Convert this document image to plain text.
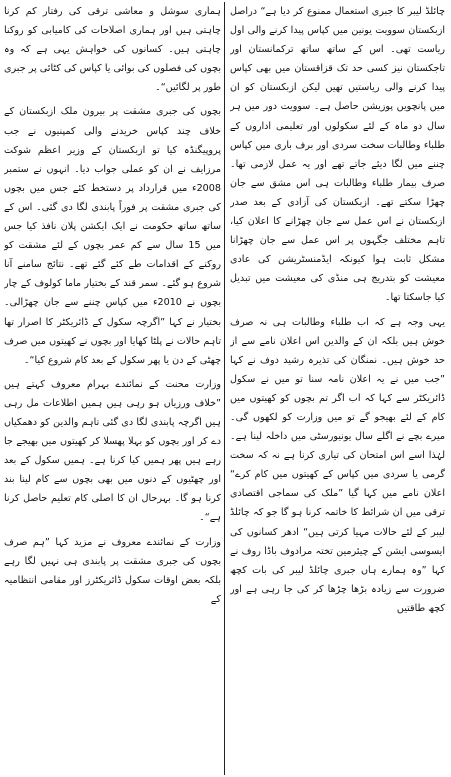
چائلڈ لیبر کا جبری استعمال ممنوع کر دیا ہے“ دراصل ازبکستان سوویت یونین میں کپاس پیدا کرنے والی اول ریاست تھی۔ اس کے ساتھ ساتھ ترکمانستان اور تاجکستان نیز کسی حد تک قزاقستان میں بھی کپاس پیدا کرنے والی ریاستیں تھیں لیکن ازبکستان کو ان میں پانچویں پوزیشن حاصل ہے۔ سوویت دور میں ہر سال دو ماہ کے لئے سکولوں اور تعلیمی اداروں کے طلباء وطالبات سخت سردی اور برف باری میں کپاس چننے میں لگا دیئے جاتے تھے اور یہ عمل لازمی تھا۔ صرف بیمار طلباء وطالبات ہی اس مشق سے جان چھڑا سکتے تھے۔ ازبکستان کی آزادی کے بعد صدر ازبکستان نے اس عمل سے جان چھڑانے کا اعلان کیا، تاہم مختلف جگہوں پر اس عمل سے جان چھڑانا مشکل ثابت ہوا کیونکہ ایڈمنسٹریشن کی عادی معیشت کو بتدریج ہی منڈی کی معیشت میں تبدیل کیا جاسکتا تھا۔

یہی وجہ ہے کہ اب طلباء وطالبات ہی نہ صرف خوش ہیں بلکہ ان کے والدین اس اعلان نامے سے از حد خوش ہیں۔ نمنگان کی تذیرہ رشید دوف نے کہا ”جب میں نے یہ اعلان نامہ سنا تو میں نے سکول ڈائریکٹر سے کہا کہ اب اگر تم بچوں کو کھیتوں میں کام کے لئے بھیجو گے تو میں وزارت کو لکھوں گی۔ میرے بچے نے اگلے سال یونیورسٹی میں داخلہ لینا ہے۔ لہٰذا اسے اس امتحان کی تیاری کرنا ہے نہ کہ سخت گرمی یا سردی میں کپاس کے کھیتوں میں کام کرے“ اعلان نامے میں کہا گیا ”ملک کی سماجی اقتصادی ترقی میں ان شرائط کا خاتمہ کرنا ہو گا جو کہ چائلڈ لیبر کے لئے حالات مہیا کرتی ہیں“ ادھر کسانوں کی ایسوسی ایشن کے چیئرمین تختہ مرادوف باڈا روف نے کہا ”وہ ہمارے ہاں جبری چائلڈ لیبر کی بات کچھ ضرورت سے زیادہ بڑھا چڑھا کر کی جا رہی ہے اور کچھ طاقتیں

ہماری سوشل و معاشی ترقی کی رفتار کم کرنا چاہتی ہیں اور ہماری اصلاحات کی کامیابی کو روکنا چاہتی ہیں۔ کسانوں کی خواہش یہی ہے کہ وہ بچوں کی فصلوں کی بوائی یا کپاس کی کٹائی پر جبری طور پر لگائیں“۔

بچوں کی جبری مشقت پر بیرون ملک ازبکستان کے خلاف چند کپاس خریدنے والی کمپنیوں نے جب پروپیگنڈہ کیا تو ازبکستان کے وزیر اعظم شوکت مرزایف نے ان کو عملی جواب دیا۔ انہوں نے ستمبر 2008ء میں قرارداد پر دستخط کئے جس میں بچوں کی جبری مشقت پر فوراً پابندی لگا دی گئی۔ اس کے ساتھ ساتھ حکومت نے ایک ایکشن پلان نافذ کیا جس میں 15 سال سے کم عمر بچوں کے لئے مشقت کو روکنے کے اقدامات طے کئے گئے تھے۔ نتائج سامنے آنا شروع ہو گئے۔ سمر قند کے بختیار ماما کولوف کے چار بچوں نے 2010ء میں کپاس چننے سے جان چھڑالی۔ بختیار نے کہا ”اگرچہ سکول کے ڈائریکٹر کا اصرار تھا تاہم حالات نے پلٹا کھایا اور بچوں نے کھیتوں میں صرف چھٹی کے دن یا پھر سکول کے بعد کام شروع کیا“۔

وزارت محنت کے نمائندے بہرام معروف کہتے ہیں ”خلاف ورزیاں ہو رہی ہیں ہمیں اطلاعات مل رہی ہیں اگرچہ پابندی لگا دی گئی تاہم والدین کو دھمکیاں دے کر اور بچوں کو بہلا پھسلا کر کھیتوں میں بھیجے جا رہے ہیں پھر ہمیں کیا کرنا ہے۔ ہمیں سکول کے بعد اور چھٹیوں کے دنوں میں بھی بچوں سے کام لینا بند کرنا ہو گا۔ بہرحال ان کا اصلی کام تعلیم حاصل کرنا ہے“۔

وزارت کے نمائندے معروف نے مزید کہا ”ہم صرف بچوں کی جبری مشقت پر پابندی ہی نہیں لگا رہے بلکہ بعض اوقات سکول ڈائریکٹرز اور مقامی انتظامیہ کے
